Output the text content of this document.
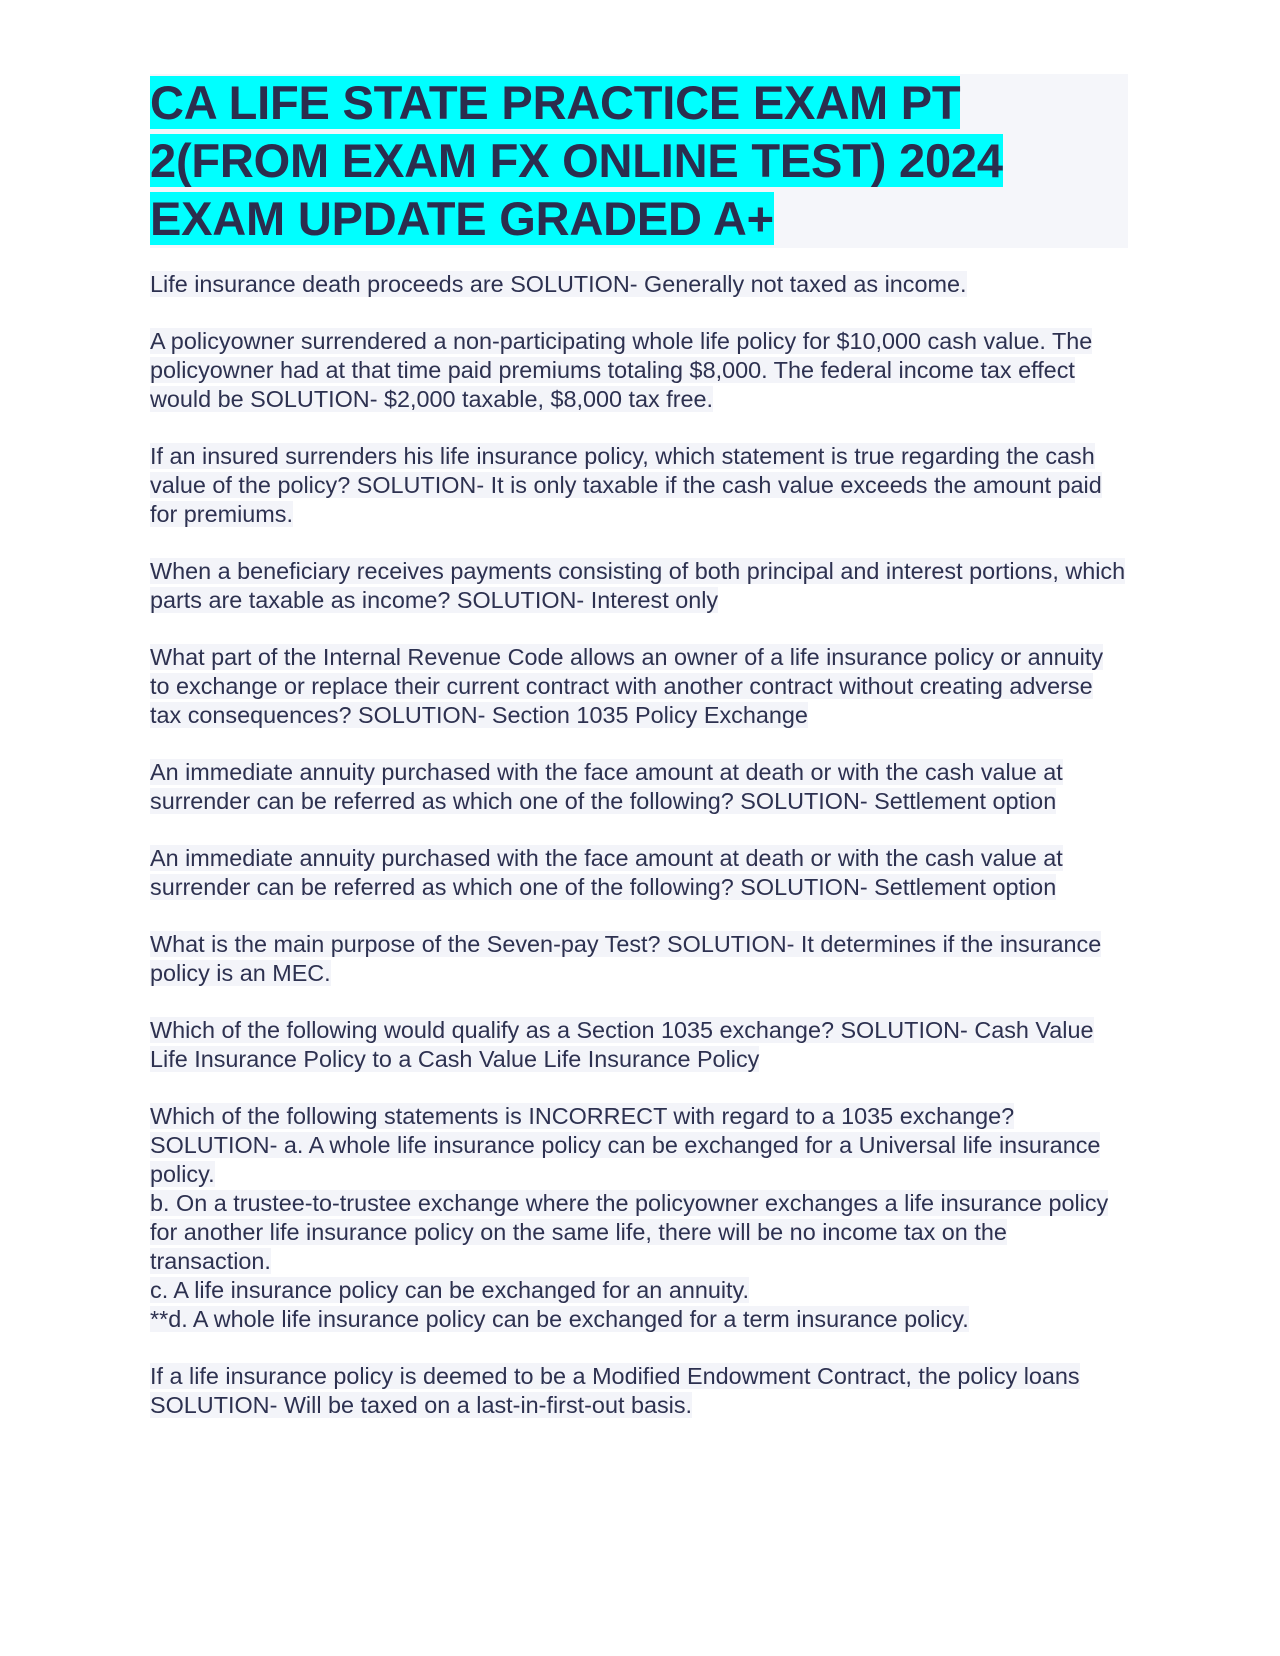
CA LIFE STATE PRACTICE EXAM PT 2(FROM EXAM FX ONLINE TEST) 2024 EXAM UPDATE GRADED A+

Life insurance death proceeds are SOLUTION- Generally not taxed as income.

A policyowner surrendered a non-participating whole life policy for $10,000 cash value. The policyowner had at that time paid premiums totaling $8,000. The federal income tax effect would be SOLUTION- $2,000 taxable, $8,000 tax free.

If an insured surrenders his life insurance policy, which statement is true regarding the cash value of the policy? SOLUTION- It is only taxable if the cash value exceeds the amount paid for premiums.

When a beneficiary receives payments consisting of both principal and interest portions, which parts are taxable as income? SOLUTION- Interest only

What part of the Internal Revenue Code allows an owner of a life insurance policy or annuity to exchange or replace their current contract with another contract without creating adverse tax consequences? SOLUTION- Section 1035 Policy Exchange

An immediate annuity purchased with the face amount at death or with the cash value at surrender can be referred as which one of the following? SOLUTION- Settlement option

An immediate annuity purchased with the face amount at death or with the cash value at surrender can be referred as which one of the following? SOLUTION- Settlement option

What is the main purpose of the Seven-pay Test? SOLUTION- It determines if the insurance policy is an MEC.

Which of the following would qualify as a Section 1035 exchange? SOLUTION- Cash Value Life Insurance Policy to a Cash Value Life Insurance Policy

Which of the following statements is INCORRECT with regard to a 1035 exchange? SOLUTION- a. A whole life insurance policy can be exchanged for a Universal life insurance policy.
b. On a trustee-to-trustee exchange where the policyowner exchanges a life insurance policy for another life insurance policy on the same life, there will be no income tax on the transaction.
c. A life insurance policy can be exchanged for an annuity.
**d. A whole life insurance policy can be exchanged for a term insurance policy.

If a life insurance policy is deemed to be a Modified Endowment Contract, the policy loans SOLUTION- Will be taxed on a last-in-first-out basis.
